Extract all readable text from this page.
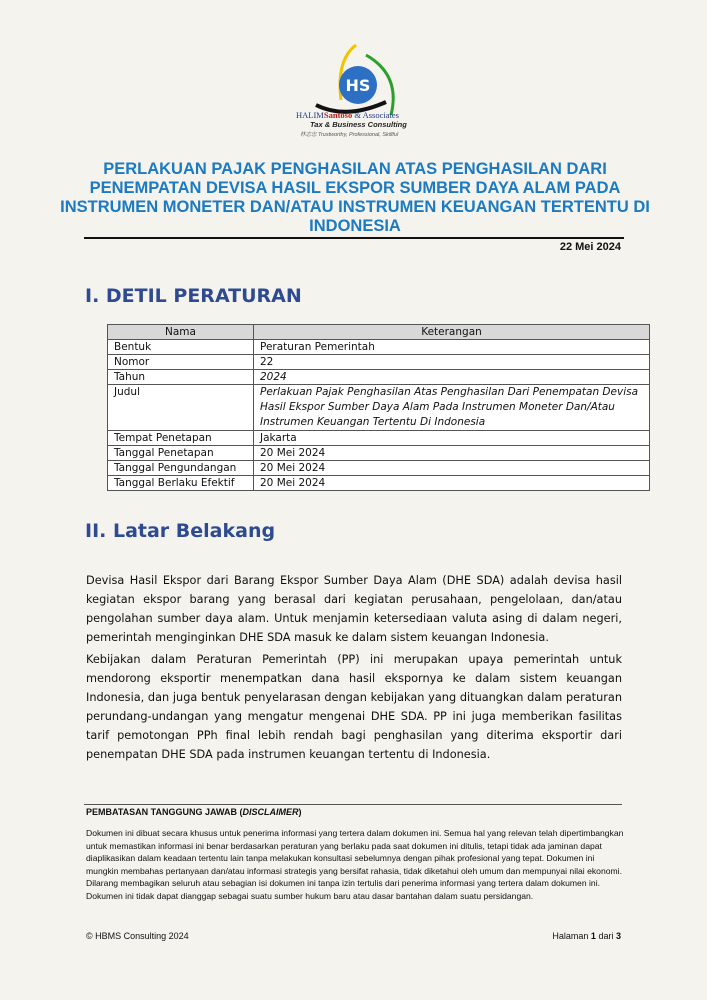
HS
HALIMSantoso & Associates
Tax & Business Consulting
林志忠 Trustworthy, Professional, Skillful
PERLAKUAN PAJAK PENGHASILAN ATAS PENGHASILAN DARI PENEMPATAN DEVISA HASIL EKSPOR SUMBER DAYA ALAM PADA INSTRUMEN MONETER DAN/ATAU INSTRUMEN KEUANGAN TERTENTU DI INDONESIA
22 Mei 2024
I. DETIL PERATURAN
Nama	Keterangan
Bentuk	Peraturan Pemerintah
Nomor	22
Tahun	2024
Judul	Perlakuan Pajak Penghasilan Atas Penghasilan Dari Penempatan Devisa Hasil Ekspor Sumber Daya Alam Pada Instrumen Moneter Dan/Atau Instrumen Keuangan Tertentu Di Indonesia
Tempat Penetapan	Jakarta
Tanggal Penetapan	20 Mei 2024
Tanggal Pengundangan	20 Mei 2024
Tanggal Berlaku Efektif	20 Mei 2024
II. Latar Belakang
Devisa Hasil Ekspor dari Barang Ekspor Sumber Daya Alam (DHE SDA) adalah devisa hasil kegiatan ekspor barang yang berasal dari kegiatan perusahaan, pengelolaan, dan/atau pengolahan sumber daya alam. Untuk menjamin ketersediaan valuta asing di dalam negeri, pemerintah menginginkan DHE SDA masuk ke dalam sistem keuangan Indonesia.
Kebijakan dalam Peraturan Pemerintah (PP) ini merupakan upaya pemerintah untuk mendorong eksportir menempatkan dana hasil ekspornya ke dalam sistem keuangan Indonesia, dan juga bentuk penyelarasan dengan kebijakan yang dituangkan dalam peraturan perundang-undangan yang mengatur mengenai DHE SDA. PP ini juga memberikan fasilitas tarif pemotongan PPh final lebih rendah bagi penghasilan yang diterima eksportir dari penempatan DHE SDA pada instrumen keuangan tertentu di Indonesia.
PEMBATASAN TANGGUNG JAWAB (DISCLAIMER)
Dokumen ini dibuat secara khusus untuk penerima informasi yang tertera dalam dokumen ini. Semua hal yang relevan telah dipertimbangkan untuk memastikan informasi ini benar berdasarkan peraturan yang berlaku pada saat dokumen ini ditulis, tetapi tidak ada jaminan dapat diaplikasikan dalam keadaan tertentu lain tanpa melakukan konsultasi sebelumnya dengan pihak profesional yang tepat. Dokumen ini mungkin membahas pertanyaan dan/atau informasi strategis yang bersifat rahasia, tidak diketahui oleh umum dan mempunyai nilai ekonomi. Dilarang membagikan seluruh atau sebagian isi dokumen ini tanpa izin tertulis dari penerima informasi yang tertera dalam dokumen ini. Dokumen ini tidak dapat dianggap sebagai suatu sumber hukum baru atau dasar bantahan dalam suatu persidangan.
© HBMS Consulting 2024	Halaman 1 dari 3
